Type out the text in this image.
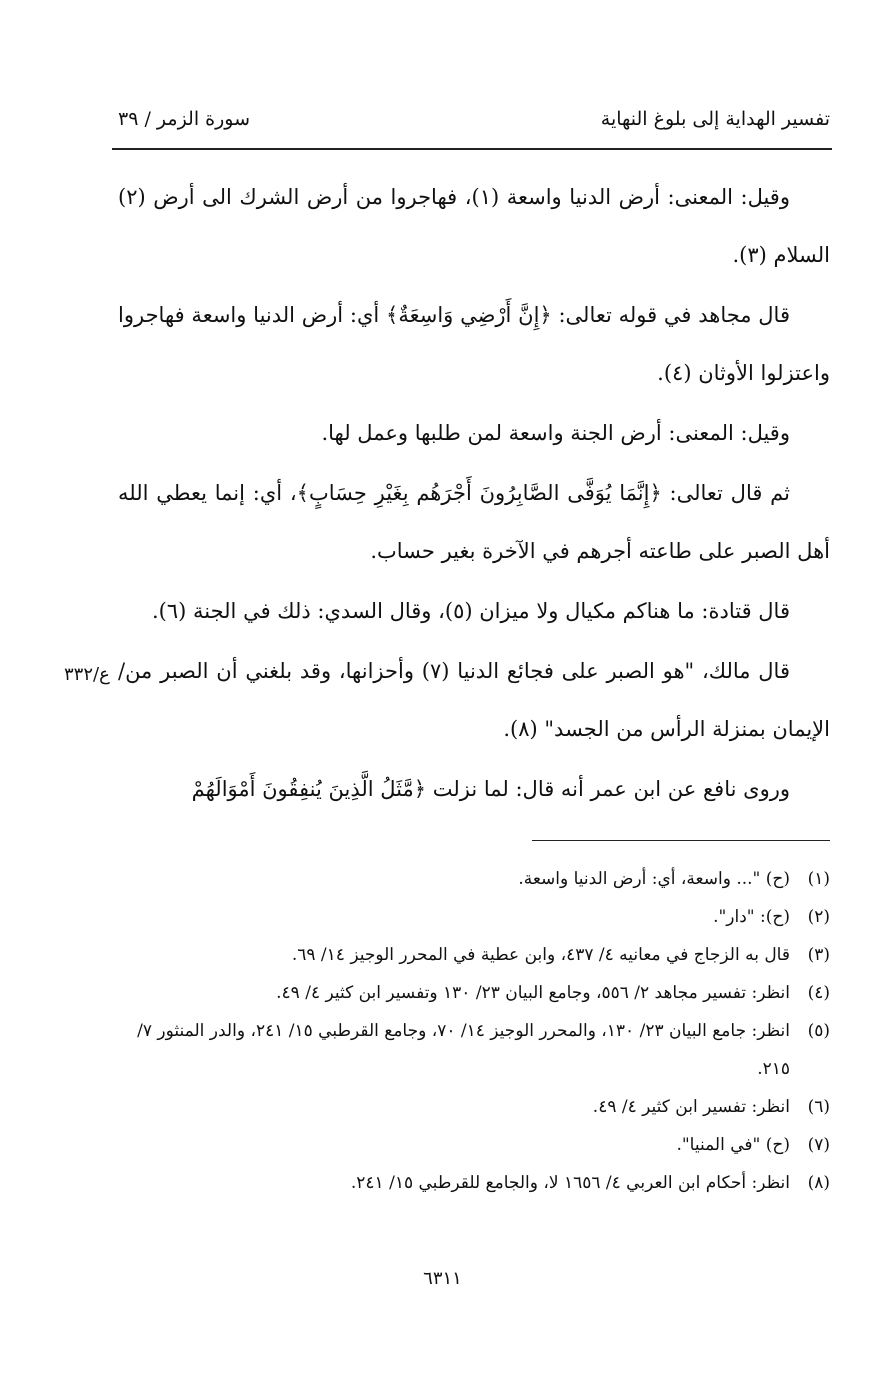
تفسير الهداية إلى بلوغ النهاية
سورة الزمر / ٣٩

وقيل: المعنى: أرض الدنيا واسعة (١)، فهاجروا من أرض الشرك الى أرض (٢) السلام (٣).

قال مجاهد في قوله تعالى: ﴿إِنَّ أَرْضِي وَاسِعَةٌ﴾ أي: أرض الدنيا واسعة فهاجروا واعتزلوا الأوثان (٤).

وقيل: المعنى: أرض الجنة واسعة لمن طلبها وعمل لها.

ثم قال تعالى: ﴿إِنَّمَا يُوَفَّى الصَّابِرُونَ أَجْرَهُم بِغَيْرِ حِسَابٍ﴾، أي: إنما يعطي الله أهل الصبر على طاعته أجرهم في الآخرة بغير حساب.

قال قتادة: ما هناكم مكيال ولا ميزان (٥)، وقال السدي: ذلك في الجنة (٦).

قال مالك، "هو الصبر على فجائع الدنيا (٧) وأحزانها، وقد بلغني أن الصبر من/ الإيمان بمنزلة الرأس من الجسد" (٨).

وروى نافع عن ابن عمر أنه قال: لما نزلت ﴿مَّثَلُ الَّذِينَ يُنفِقُونَ أَمْوَالَهُمْ

ع/٣٣٢
(١)
(ح) "... واسعة، أي: أرض الدنيا واسعة.
(٢)
(ح): "دار".
(٣)
قال به الزجاج في معانيه ٤/ ٤٣٧، وابن عطية في المحرر الوجيز ١٤/ ٦٩.
(٤)
انظر: تفسير مجاهد ٢/ ٥٥٦، وجامع البيان ٢٣/ ١٣٠ وتفسير ابن كثير ٤/ ٤٩.
(٥)
انظر: جامع البيان ٢٣/ ١٣٠، والمحرر الوجيز ١٤/ ٧٠، وجامع القرطبي ١٥/ ٢٤١، والدر المنثور ٧/ ٢١٥.
(٦)
انظر: تفسير ابن كثير ٤/ ٤٩.
(٧)
(ح) "في المنيا".
(٨)
انظر: أحكام ابن العربي ٤/ ١٦٥٦ لا، والجامع للقرطبي ١٥/ ٢٤١.
٦٣١١
